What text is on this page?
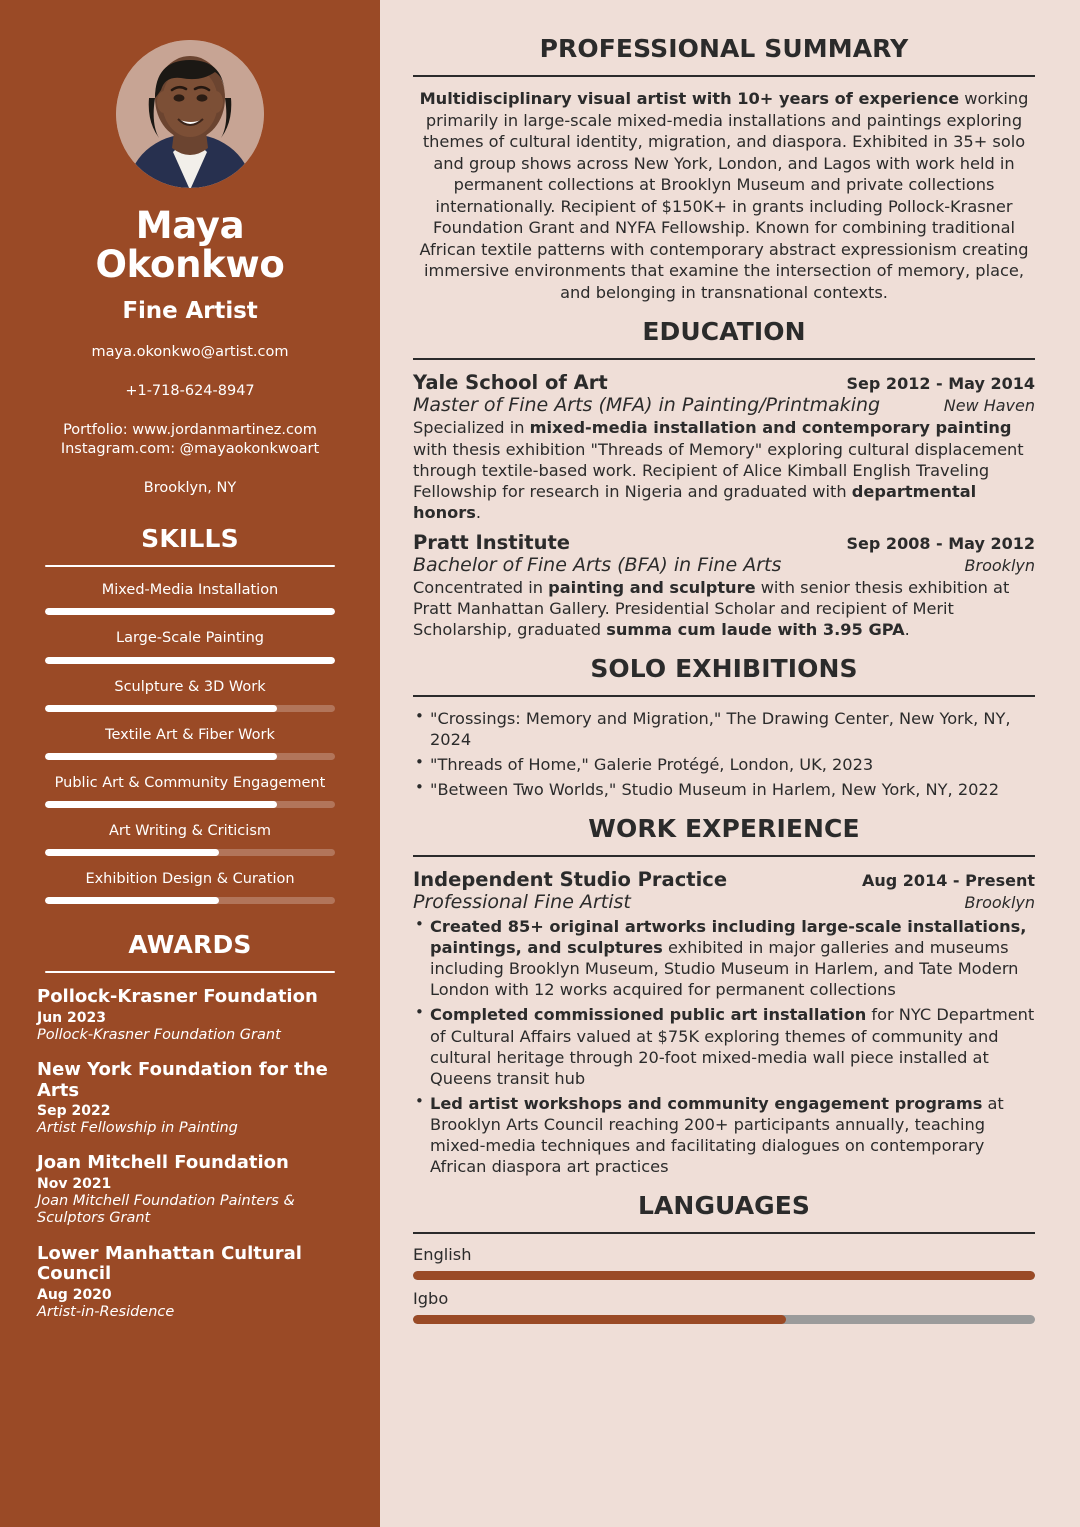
Maya
Okonkwo
Fine Artist
maya.okonkwo@artist.com
+1-718-624-8947
Portfolio: www.jordanmartinez.com
Instagram.com: @mayaokonkwoart
Brooklyn, NY
SKILLS
Mixed-Media Installation
Large-Scale Painting
Sculpture & 3D Work
Textile Art & Fiber Work
Public Art & Community Engagement
Art Writing & Criticism
Exhibition Design & Curation
AWARDS
Pollock-Krasner Foundation
Jun 2023
Pollock-Krasner Foundation Grant
New York Foundation for the Arts
Sep 2022
Artist Fellowship in Painting
Joan Mitchell Foundation
Nov 2021
Joan Mitchell Foundation Painters & Sculptors Grant
Lower Manhattan Cultural Council
Aug 2020
Artist-in-Residence
PROFESSIONAL SUMMARY

Multidisciplinary visual artist with 10+ years of experience working primarily in large-scale mixed-media installations and paintings exploring themes of cultural identity, migration, and diaspora. Exhibited in 35+ solo and group shows across New York, London, and Lagos with work held in permanent collections at Brooklyn Museum and private collections internationally. Recipient of $150K+ in grants including Pollock-Krasner Foundation Grant and NYFA Fellowship. Known for combining traditional African textile patterns with contemporary abstract expressionism creating immersive environments that examine the intersection of memory, place, and belonging in transnational contexts.

EDUCATION
Yale School of Art	Sep 2012 - May 2014
Master of Fine Arts (MFA) in Painting/Printmaking	New Haven
Specialized in mixed-media installation and contemporary painting with thesis exhibition "Threads of Memory" exploring cultural displacement through textile-based work. Recipient of Alice Kimball English Traveling Fellowship for research in Nigeria and graduated with departmental honors.
Pratt Institute	Sep 2008 - May 2012
Bachelor of Fine Arts (BFA) in Fine Arts	Brooklyn
Concentrated in painting and sculpture with senior thesis exhibition at Pratt Manhattan Gallery. Presidential Scholar and recipient of Merit Scholarship, graduated summa cum laude with 3.95 GPA.
SOLO EXHIBITIONS
• "Crossings: Memory and Migration," The Drawing Center, New York, NY, 2024
• "Threads of Home," Galerie Protégé, London, UK, 2023
• "Between Two Worlds," Studio Museum in Harlem, New York, NY, 2022
WORK EXPERIENCE
Independent Studio Practice	Aug 2014 - Present
Professional Fine Artist	Brooklyn
• Created 85+ original artworks including large-scale installations, paintings, and sculptures exhibited in major galleries and museums including Brooklyn Museum, Studio Museum in Harlem, and Tate Modern London with 12 works acquired for permanent collections
• Completed commissioned public art installation for NYC Department of Cultural Affairs valued at $75K exploring themes of community and cultural heritage through 20-foot mixed-media wall piece installed at Queens transit hub
• Led artist workshops and community engagement programs at Brooklyn Arts Council reaching 200+ participants annually, teaching mixed-media techniques and facilitating dialogues on contemporary African diaspora art practices
LANGUAGES
English
Igbo
